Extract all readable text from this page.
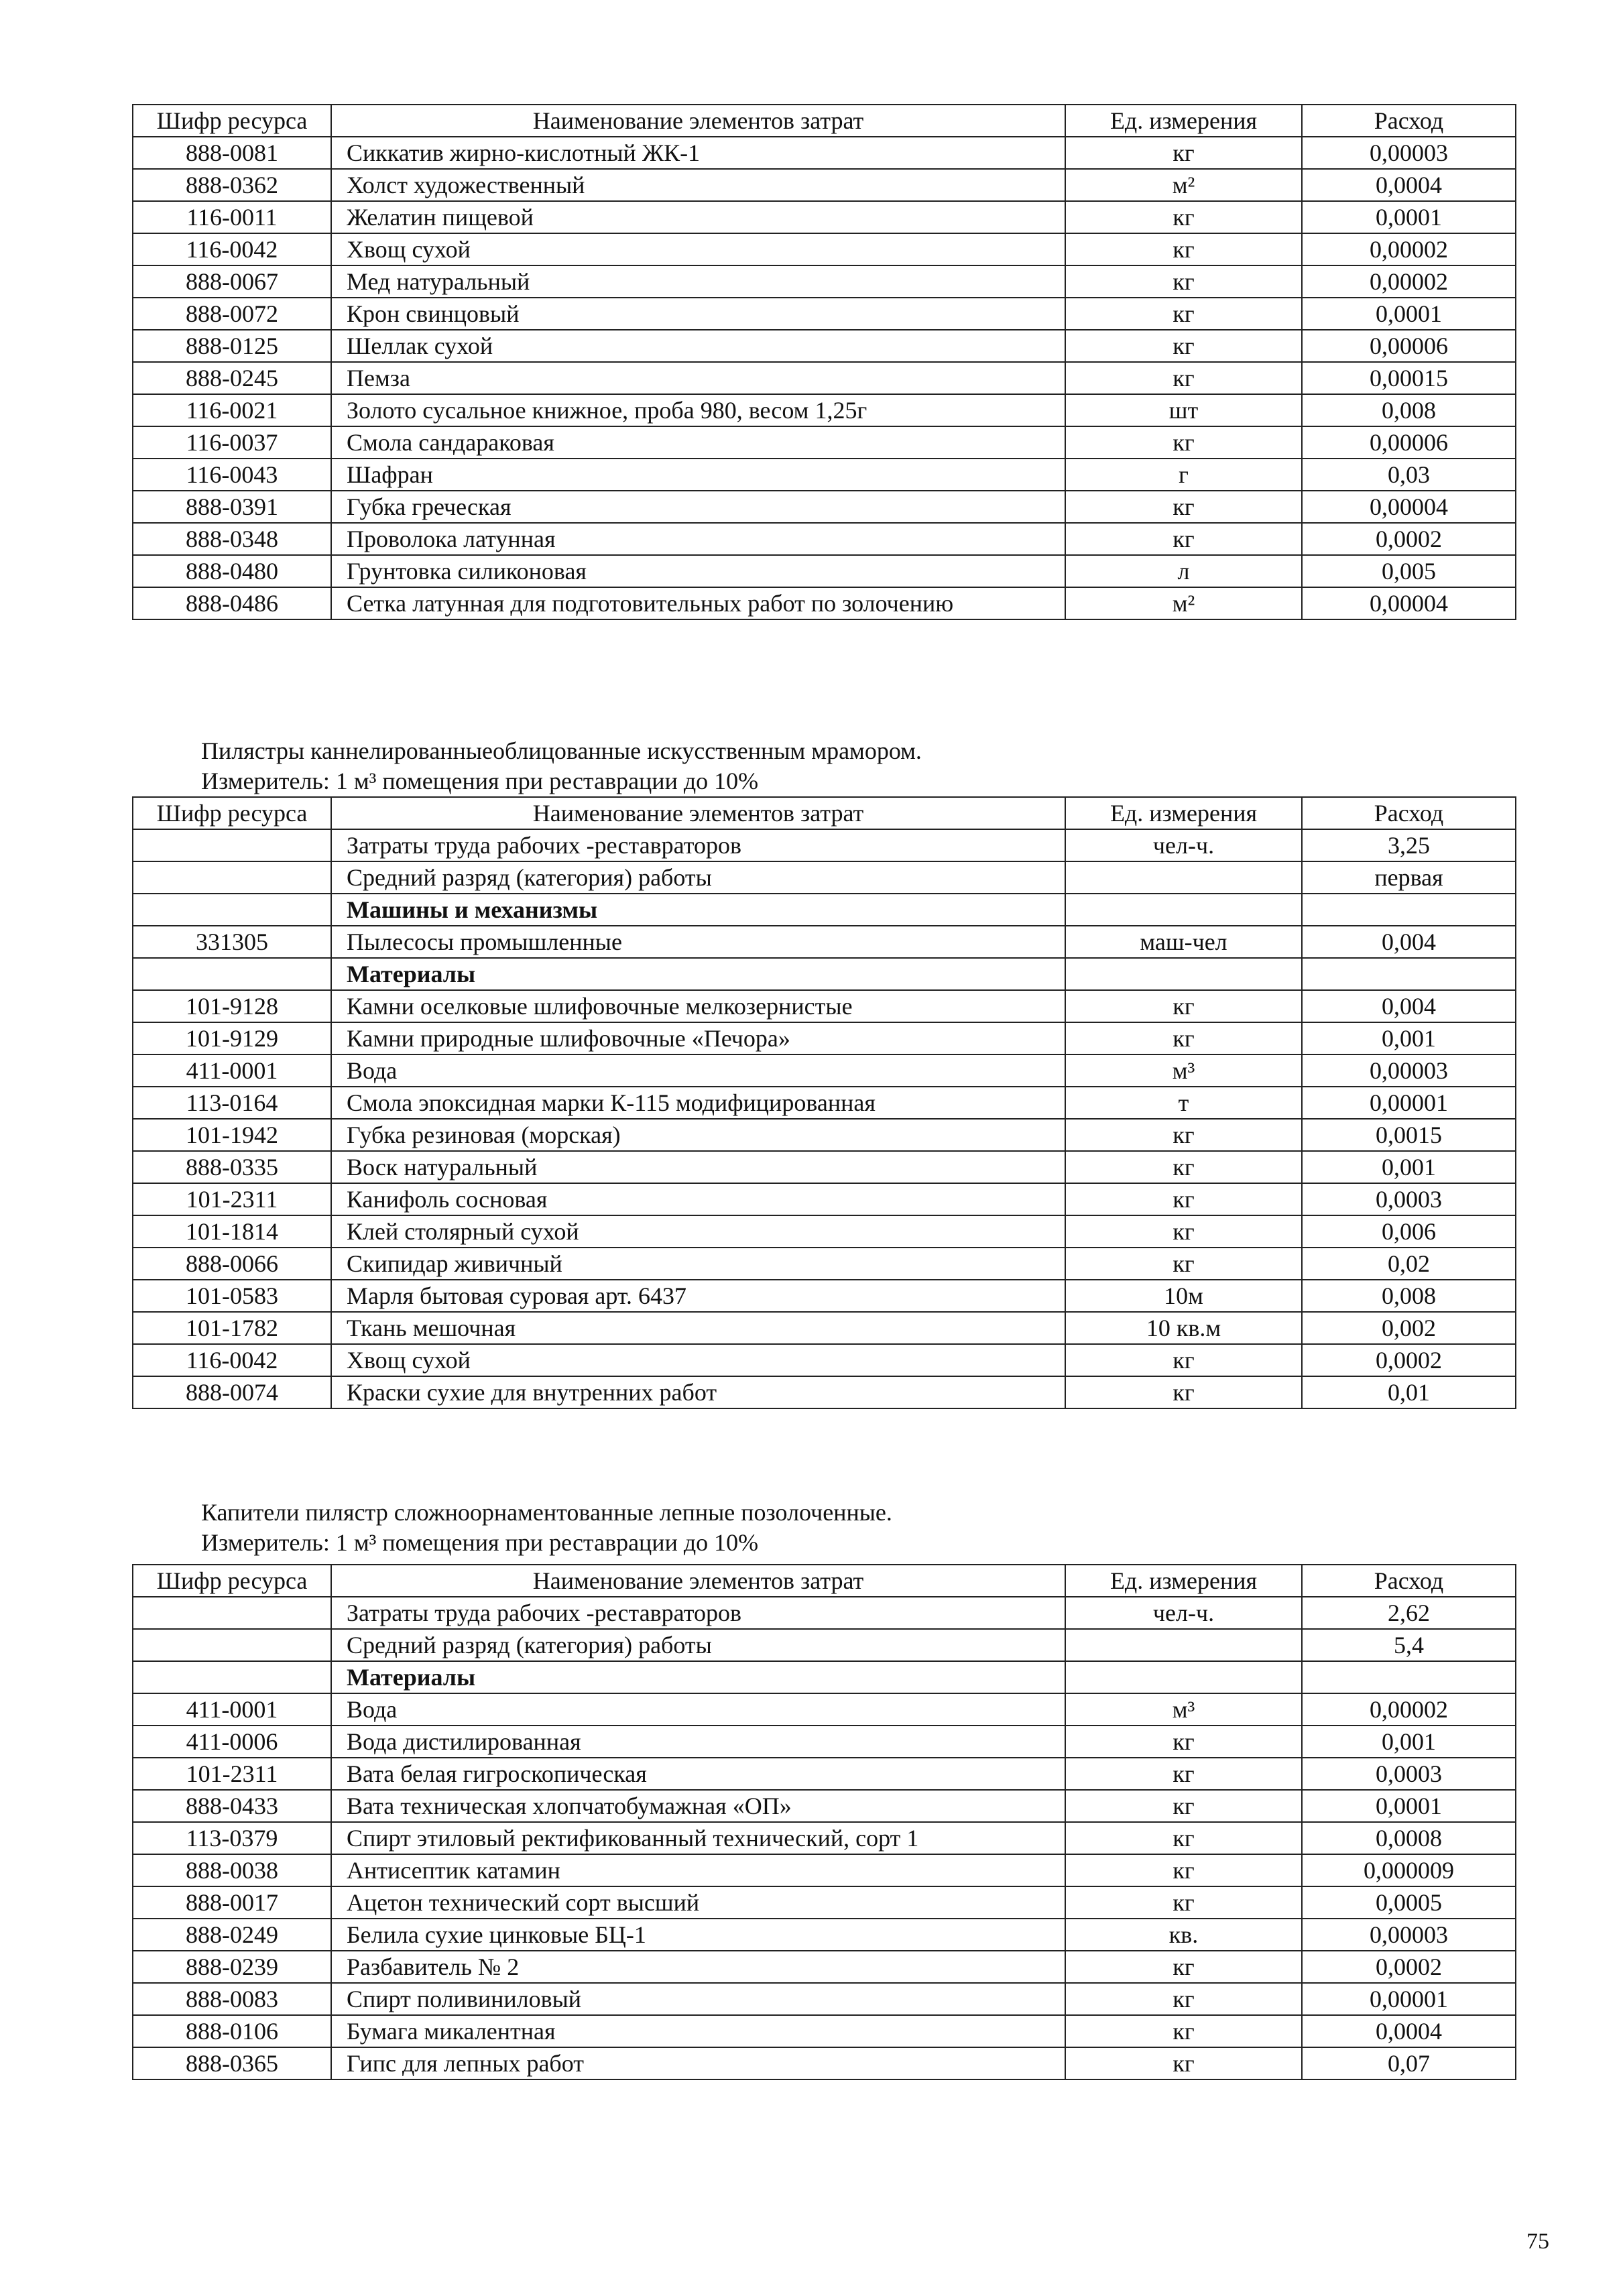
Шифр ресурса	Наименование элементов затрат	Ед. измерения	Расход
888-0081	Сиккатив жирно-кислотный ЖК-1	кг	0,00003
888-0362	Холст художественный	м²	0,0004
116-0011	Желатин пищевой	кг	0,0001
116-0042	Хвощ сухой	кг	0,00002
888-0067	Мед натуральный	кг	0,00002
888-0072	Крон свинцовый	кг	0,0001
888-0125	Шеллак сухой	кг	0,00006
888-0245	Пемза	кг	0,00015
116-0021	Золото сусальное книжное, проба 980, весом 1,25г	шт	0,008
116-0037	Смола сандараковая	кг	0,00006
116-0043	Шафран	г	0,03
888-0391	Губка греческая	кг	0,00004
888-0348	Проволока латунная	кг	0,0002
888-0480	Грунтовка силиконовая	л	0,005
888-0486	Сетка латунная для подготовительных работ по золочению	м²	0,00004

Пилястры каннелированныеоблицованные искусственным мрамором.

Измеритель: 1 м³ помещения при реставрации до 10%

Шифр ресурса	Наименование элементов затрат	Ед. измерения	Расход
	Затраты труда рабочих -реставраторов	чел-ч.	3,25
	Средний разряд (категория) работы		первая
	Машины и механизмы		
331305	Пылесосы промышленные	маш-чел	0,004
	Материалы		
101-9128	Камни оселковые шлифовочные мелкозернистые	кг	0,004
101-9129	Камни природные шлифовочные «Печора»	кг	0,001
411-0001	Вода	м³	0,00003
113-0164	Смола эпоксидная марки К-115 модифицированная	т	0,00001
101-1942	Губка резиновая (морская)	кг	0,0015
888-0335	Воск натуральный	кг	0,001
101-2311	Канифоль сосновая	кг	0,0003
101-1814	Клей столярный сухой	кг	0,006
888-0066	Скипидар живичный	кг	0,02
101-0583	Марля бытовая суровая арт. 6437	10м	0,008
101-1782	Ткань мешочная	10 кв.м	0,002
116-0042	Хвощ сухой	кг	0,0002
888-0074	Краски сухие для внутренних работ	кг	0,01

Капители пилястр сложноорнаментованные лепные позолоченные.

Измеритель: 1 м³ помещения при реставрации до 10%

Шифр ресурса	Наименование элементов затрат	Ед. измерения	Расход
	Затраты труда рабочих -реставраторов	чел-ч.	2,62
	Средний разряд (категория) работы		5,4
	Материалы		
411-0001	Вода	м³	0,00002
411-0006	Вода дистилированная	кг	0,001
101-2311	Вата белая гигроскопическая	кг	0,0003
888-0433	Вата техническая хлопчатобумажная «ОП»	кг	0,0001
113-0379	Спирт этиловый ректификованный технический, сорт 1	кг	0,0008
888-0038	Антисептик катамин	кг	0,000009
888-0017	Ацетон технический сорт высший	кг	0,0005
888-0249	Белила сухие цинковые БЦ-1	кв.	0,00003
888-0239	Разбавитель № 2	кг	0,0002
888-0083	Спирт поливиниловый	кг	0,00001
888-0106	Бумага микалентная	кг	0,0004
888-0365	Гипс для лепных работ	кг	0,07
75
